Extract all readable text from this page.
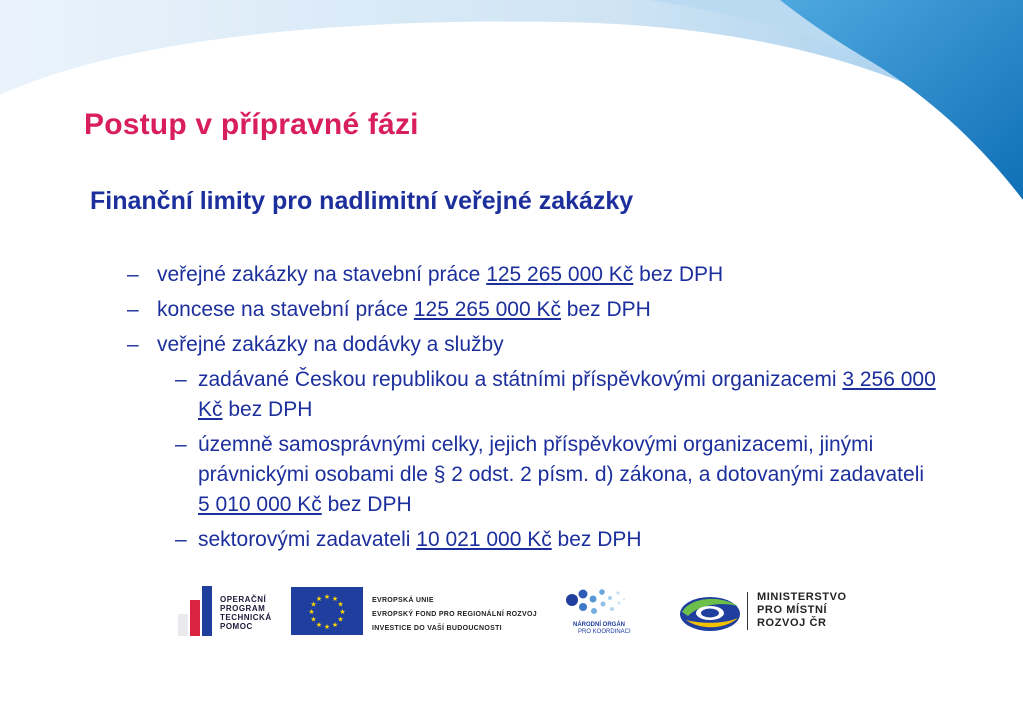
Postup v přípravné fázi
Finanční limity pro nadlimitní veřejné zakázky
– veřejné zakázky na stavební práce 125 265 000 Kč bez DPH
– koncese na stavební práce 125 265 000 Kč bez DPH
– veřejné zakázky na dodávky a služby
– zadávané Českou republikou a státními příspěvkovými organizacemi 3 256 000 Kč bez DPH
– územně samosprávnými celky, jejich příspěvkovými organizacemi, jinými právnickými osobami dle § 2 odst. 2 písm. d) zákona, a dotovanými zadavateli 5 010 000 Kč bez DPH
– sektorovými zadavateli 10 021 000 Kč bez DPH
OPERAČNÍ
PROGRAM
TECHNICKÁ
POMOC
★ ★
★
★
★
★
★
★
★
★
★
★	EVROPSKÁ UNIE
EVROPSKÝ FOND PRO REGIONÁLNÍ ROZVOJ
INVESTICE DO VAŠÍ BUDOUCNOSTI	NÁRODNÍ ORGÁN
PRO KOORDINACI
MINISTERSTVO
PRO MÍSTNÍ
ROZVOJ ČR
